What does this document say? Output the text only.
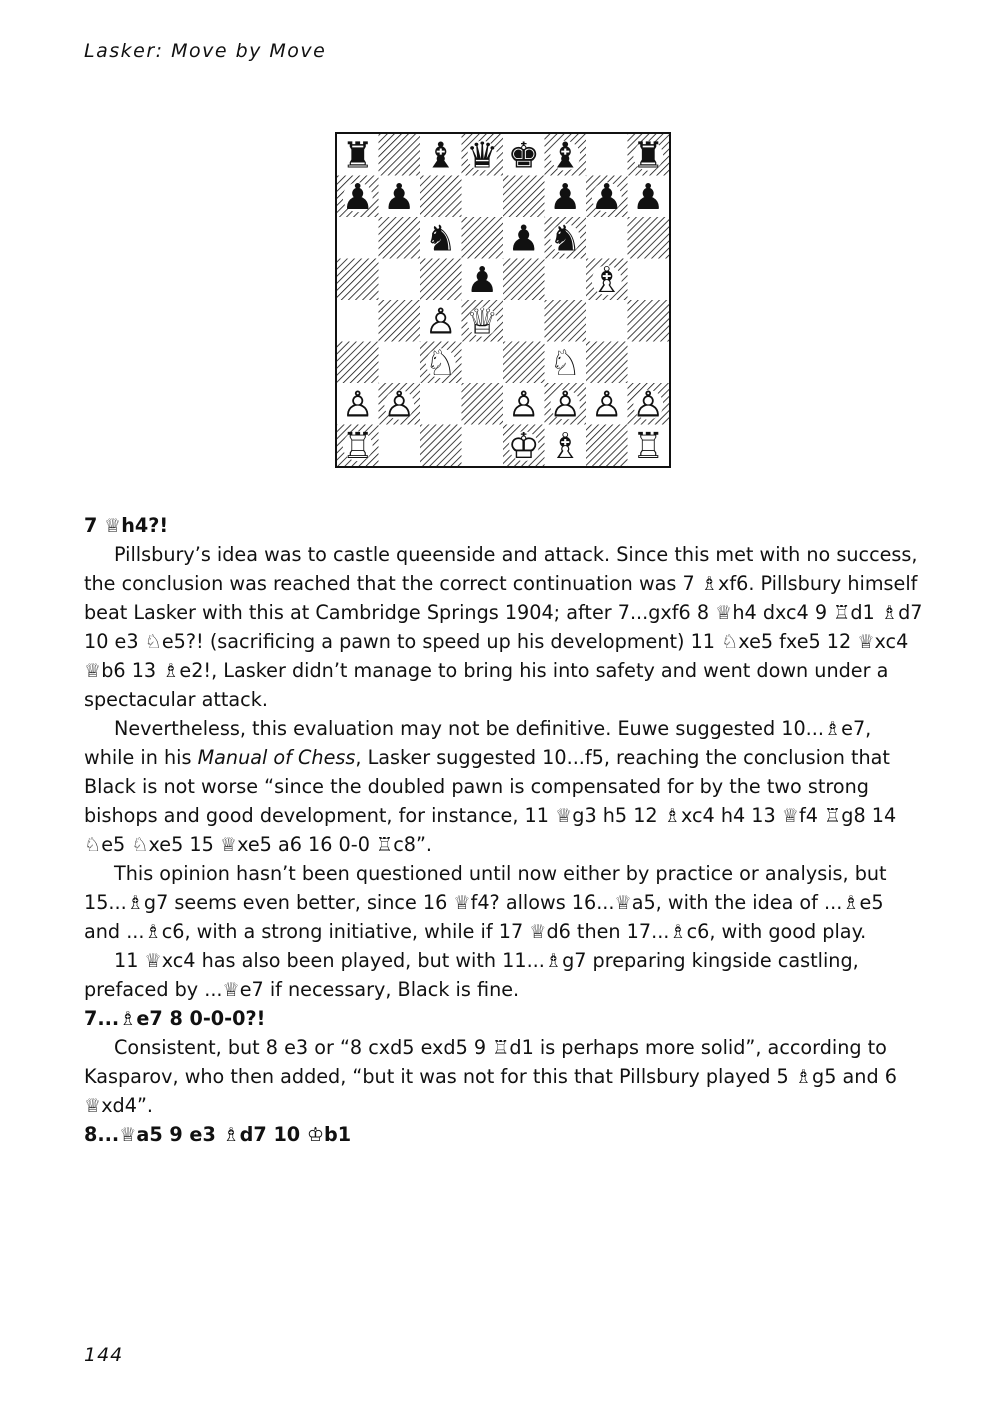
Lasker: Move by Move
♜ ♝ ♛ ♚ ♝ ♜
♟ ♟	♟ ♟ ♟
♞ ♟ ♞
♟	♗
♙ ♕
♘	♘
♙ ♙	♙ ♙ ♙ ♙
♖	♔ ♗ ♖

7 ♕h4?!

Pillsbury’s idea was to castle queenside and attack. Since this met with no success, the conclusion was reached that the correct continuation was 7 ♗xf6. Pillsbury himself beat Lasker with this at Cambridge Springs 1904; after 7...gxf6 8 ♕h4 dxc4 9 ♖d1 ♗d7 10 e3 ♘e5?! (sacrificing a pawn to speed up his development) 11 ♘xe5 fxe5 12 ♕xc4 ♕b6 13 ♗e2!, Lasker didn’t manage to bring his into safety and went down under a spectacular attack.

Nevertheless, this evaluation may not be definitive. Euwe suggested 10...♗e7, while in his Manual of Chess, Lasker suggested 10...f5, reaching the conclusion that Black is not worse “since the doubled pawn is compensated for by the two strong bishops and good development, for instance, 11 ♕g3 h5 12 ♗xc4 h4 13 ♕f4 ♖g8 14 ♘e5 ♘xe5 15 ♕xe5 a6 16 0-0 ♖c8”.

This opinion hasn’t been questioned until now either by practice or analysis, but 15...♗g7 seems even better, since 16 ♕f4? allows 16...♕a5, with the idea of ...♗e5 and ...♗c6, with a strong initiative, while if 17 ♕d6 then 17...♗c6, with good play.

11 ♕xc4 has also been played, but with 11...♗g7 preparing kingside castling, prefaced by ...♕e7 if necessary, Black is fine.

7...♗e7 8 0-0-0?!

Consistent, but 8 e3 or “8 cxd5 exd5 9 ♖d1 is perhaps more solid”, according to Kasparov, who then added, “but it was not for this that Pillsbury played 5 ♗g5 and 6 ♕xd4”.

8...♕a5 9 e3 ♗d7 10 ♔b1

144
